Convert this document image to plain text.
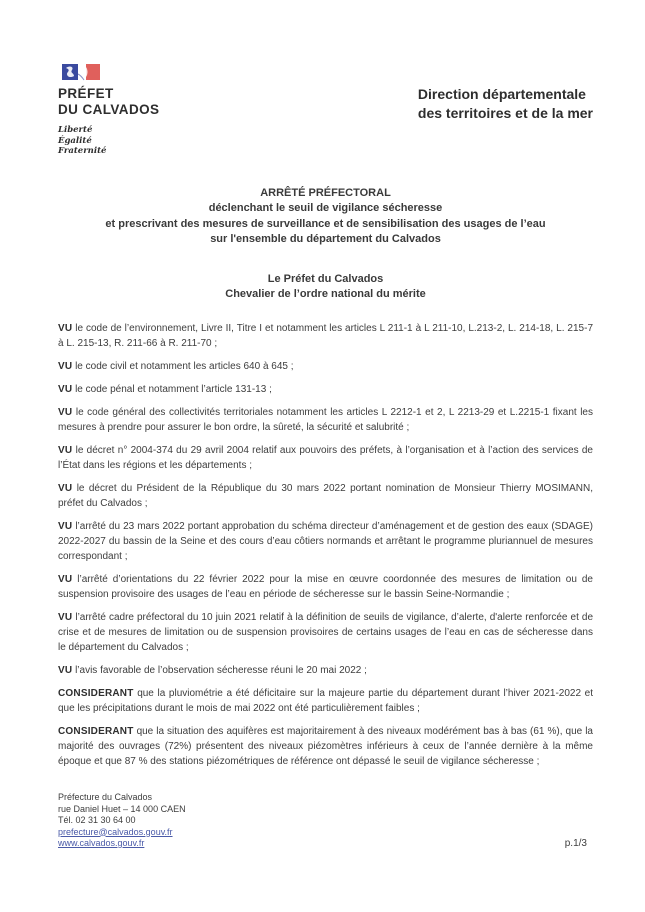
PRÉFET
DU CALVADOS
Liberté
Égalité
Fraternité
Direction départementale
des territoires et de la mer
ARRÊTÉ PRÉFECTORAL
déclenchant le seuil de vigilance sécheresse
et prescrivant des mesures de surveillance et de sensibilisation des usages de l’eau
sur l'ensemble du département du Calvados
Le Préfet du Calvados
Chevalier de l’ordre national du mérite

VU le code de l’environnement, Livre II, Titre I et notamment les articles L 211-1 à L 211-10, L.213-2, L. 214-18, L. 215-7 à L. 215-13, R. 211-66 à R. 211-70 ;

VU le code civil et notamment les articles 640 à 645 ;

VU le code pénal et notamment l’article 131-13 ;

VU le code général des collectivités territoriales notamment les articles L 2212-1 et 2, L 2213-29 et L.2215-1 fixant les mesures à prendre pour assurer le bon ordre, la sûreté, la sécurité et salubrité ;

VU le décret n° 2004-374 du 29 avril 2004 relatif aux pouvoirs des préfets, à l’organisation et à l’action des services de l’État dans les régions et les départements ;

VU le décret du Président de la République du 30 mars 2022 portant nomination de Monsieur Thierry MOSIMANN, préfet du Calvados ;

VU l’arrêté du 23 mars 2022 portant approbation du schéma directeur d’aménagement et de gestion des eaux (SDAGE) 2022-2027 du bassin de la Seine et des cours d’eau côtiers normands et arrêtant le programme pluriannuel de mesures correspondant ;

VU l’arrêté d’orientations du 22 février 2022 pour la mise en œuvre coordonnée des mesures de limitation ou de suspension provisoire des usages de l’eau en période de sécheresse sur le bassin Seine-Normandie ;

VU l’arrêté cadre préfectoral du 10 juin 2021 relatif à la définition de seuils de vigilance, d’alerte, d'alerte renforcée et de crise et de mesures de limitation ou de suspension provisoires de certains usages de l’eau en cas de sécheresse dans le département du Calvados ;

VU l’avis favorable de l’observation sécheresse réuni le 20 mai 2022 ;

CONSIDERANT que la pluviométrie a été déficitaire sur la majeure partie du département durant l’hiver 2021-2022 et que les précipitations durant le mois de mai 2022 ont été particulièrement faibles ;

CONSIDERANT que la situation des aquifères est majoritairement à des niveaux modérément bas à bas (61 %), que la majorité des ouvrages (72%) présentent des niveaux piézomètres inférieurs à ceux de l’année dernière à la même époque et que 87 % des stations piézométriques de référence ont dépassé le seuil de vigilance sécheresse ;

Préfecture du Calvados
rue Daniel Huet – 14 000 CAEN
Tél. 02 31 30 64 00
prefecture@calvados.gouv.fr
www.calvados.gouv.fr	p.1/3
